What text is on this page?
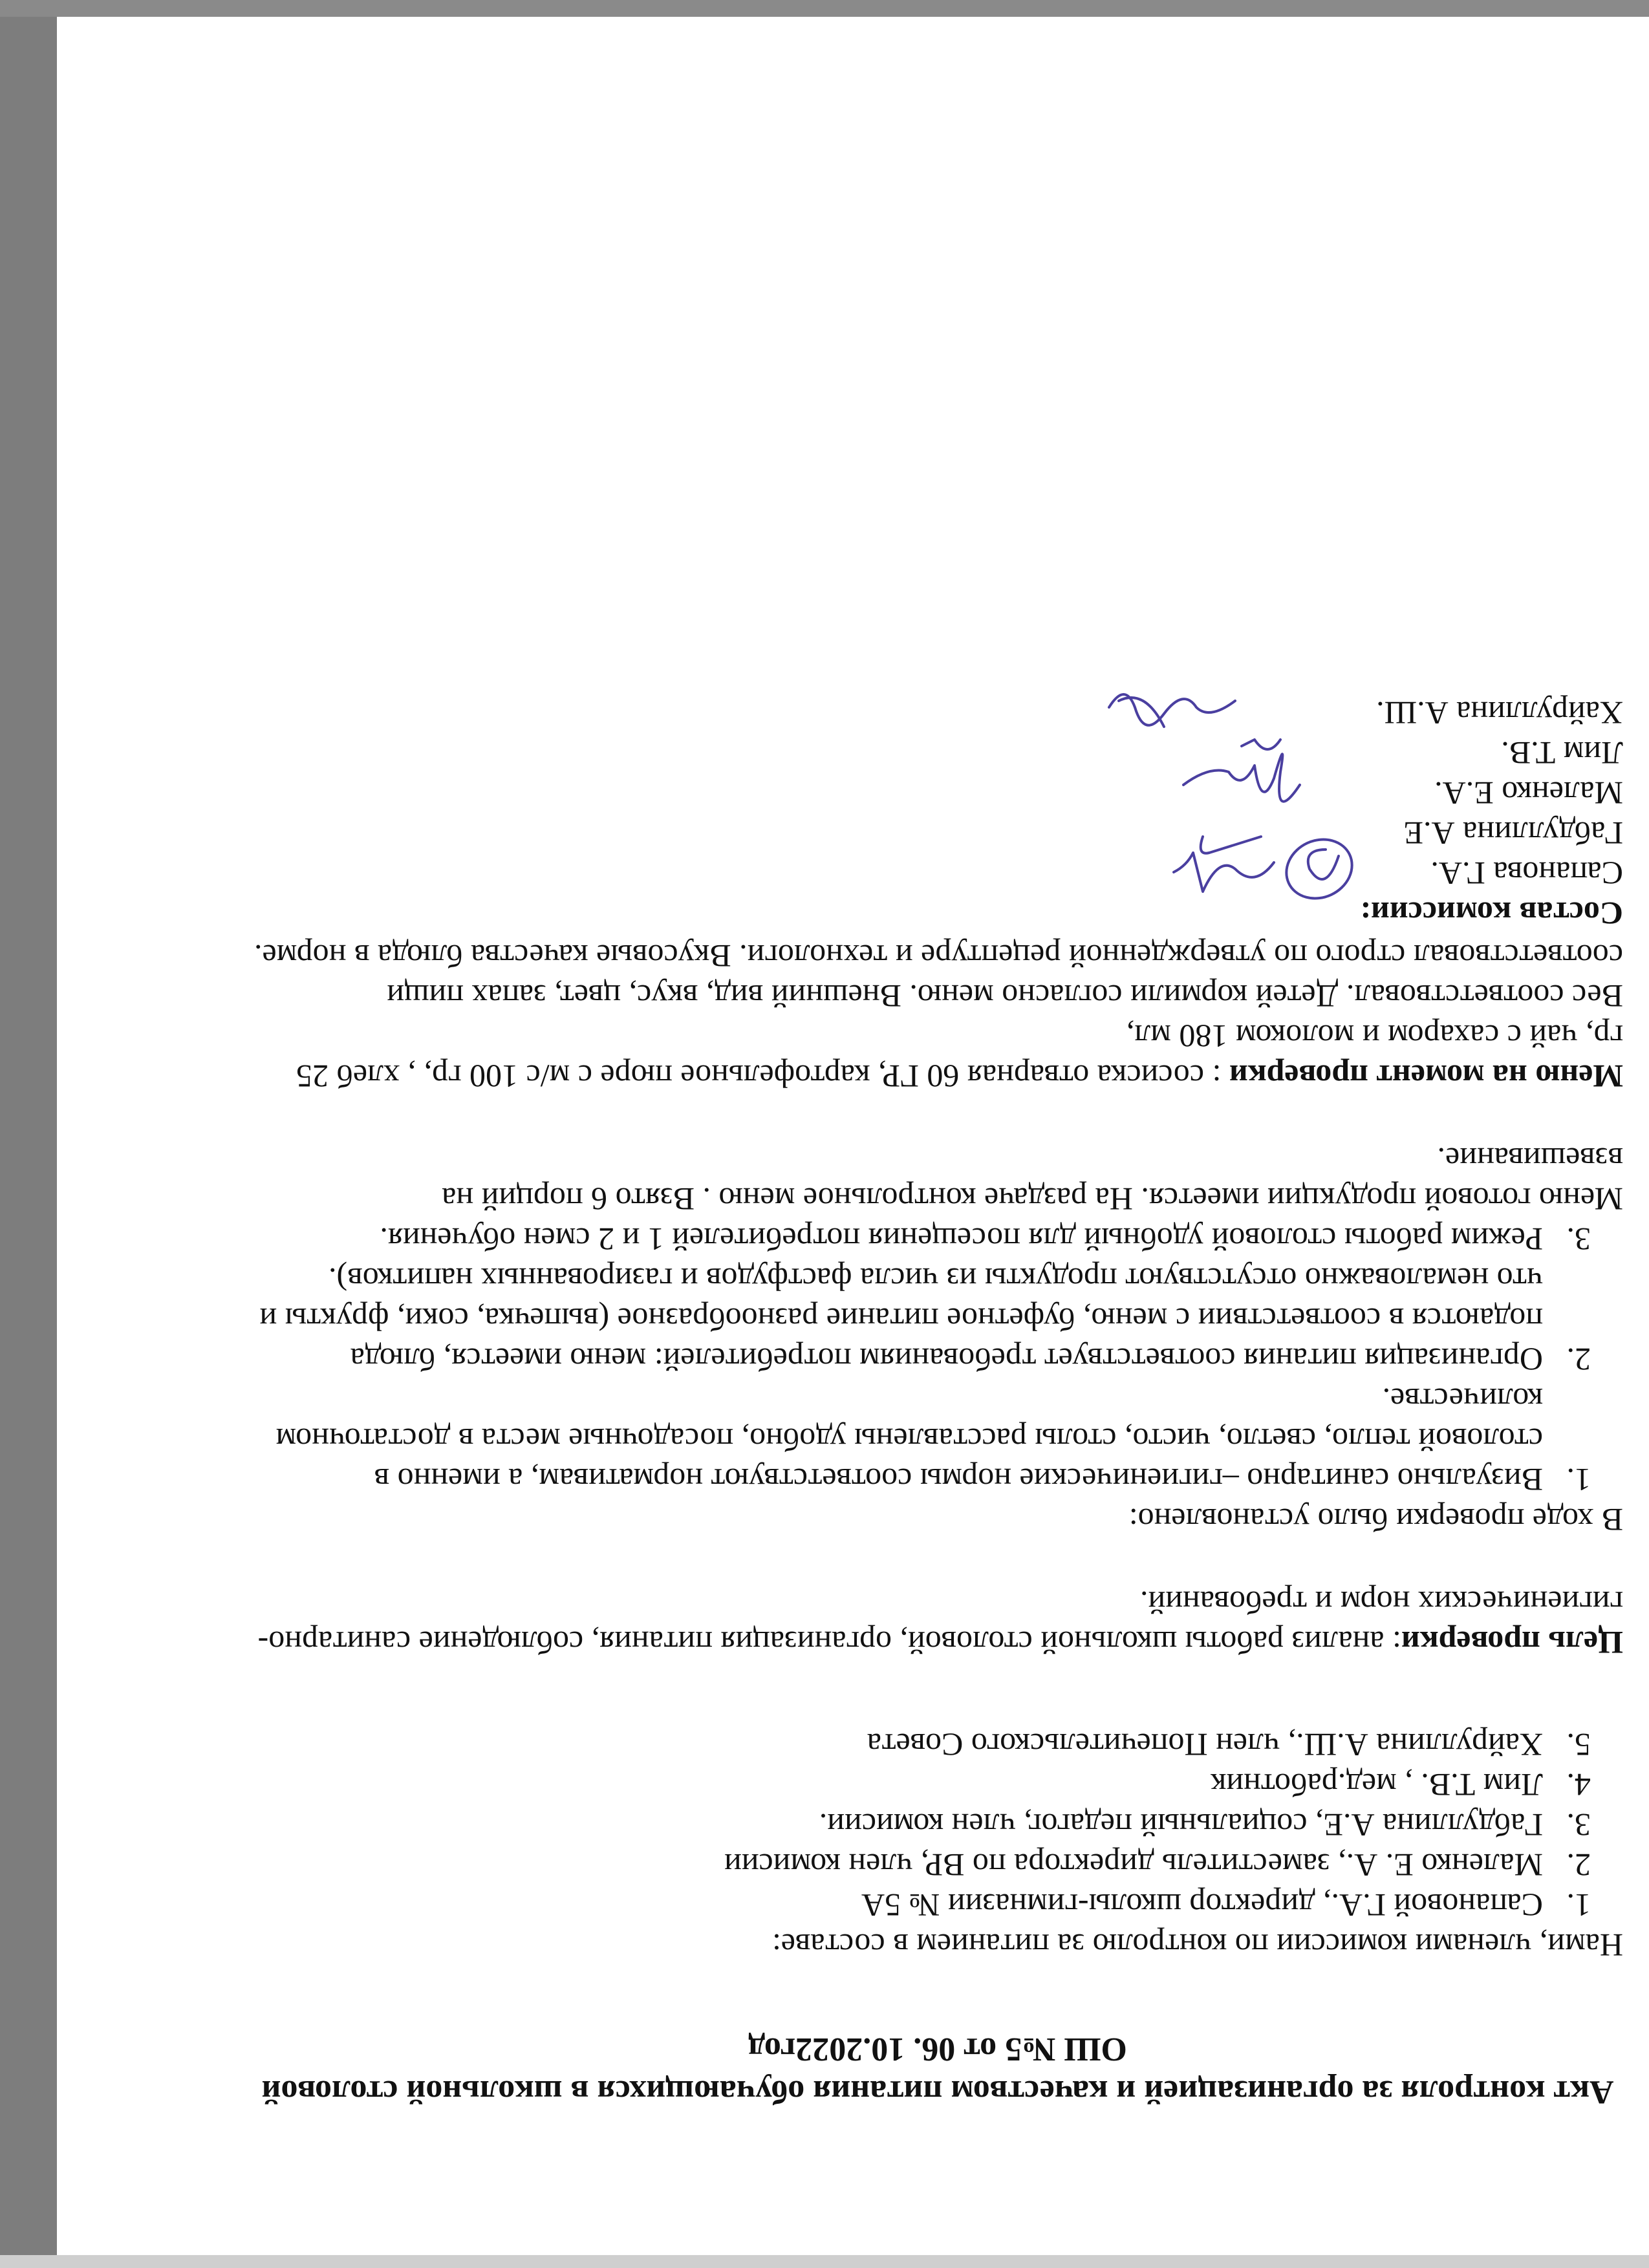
Акт контроля за организацией и качеством питания обучающихся в школьной столовой ОШ №5 от 06. 10.2022год

Нами, членами комиссии по контролю за питанием в составе:

1. Сапановой Г.А., директор школы-гимназии № 5А
2. Маленко Е. А., заместитель директора по ВР, член комисии
3. Габдуллина А.Е, социальный педагог, член комисии.
4. Лим Т.В. , мед.работник
5. Хайруллина А.Ш., член Попечительского Совета

Цель проверки: анализ работы школьной столовой, организация питания, соблюдение санитарно- гигиенических норм и требований.

В ходе проверки было установлено:

1. Визуально санитарно –гигиенические нормы соответствуют нормативам, а именно в столовой тепло, светло, чисто, столы расставлены удобно, посадочные места в достаточном количестве.
2. Организация питания соответствует требованиям потребителей: меню имеется, блюда подаются в соответствии с меню, буфетное питание разнообразное (выпечка, соки, фрукты и что немаловажно отсутствуют продукты из числа фастфудов и газированных напитков).
3. Режим работы столовой удобный для посещения потребителей 1 и 2 смен обучения.

Меню готовой продукции имеется. На раздаче контрольное меню . Взято 6 порций на взвешивание.

Меню на момент проверки : сосиска отварная 60 ГР, картофельное пюре с м/с 100 гр, , хлеб 25 гр, чай с сахаром и молоком 180 мл,

Вес соответствовал. Детей кормили согласно меню. Внешний вид, вкус, цвет, запах пищи соответствовал строго по утвержденной рецептуре и технологи. Вкусовые качества блюда в норме.

Состав комиссии:
Сапанова Г.А.
Габдуллина А.Е
Маленко Е.А.
Лим Т.В.
Хайруллина А.Ш.
